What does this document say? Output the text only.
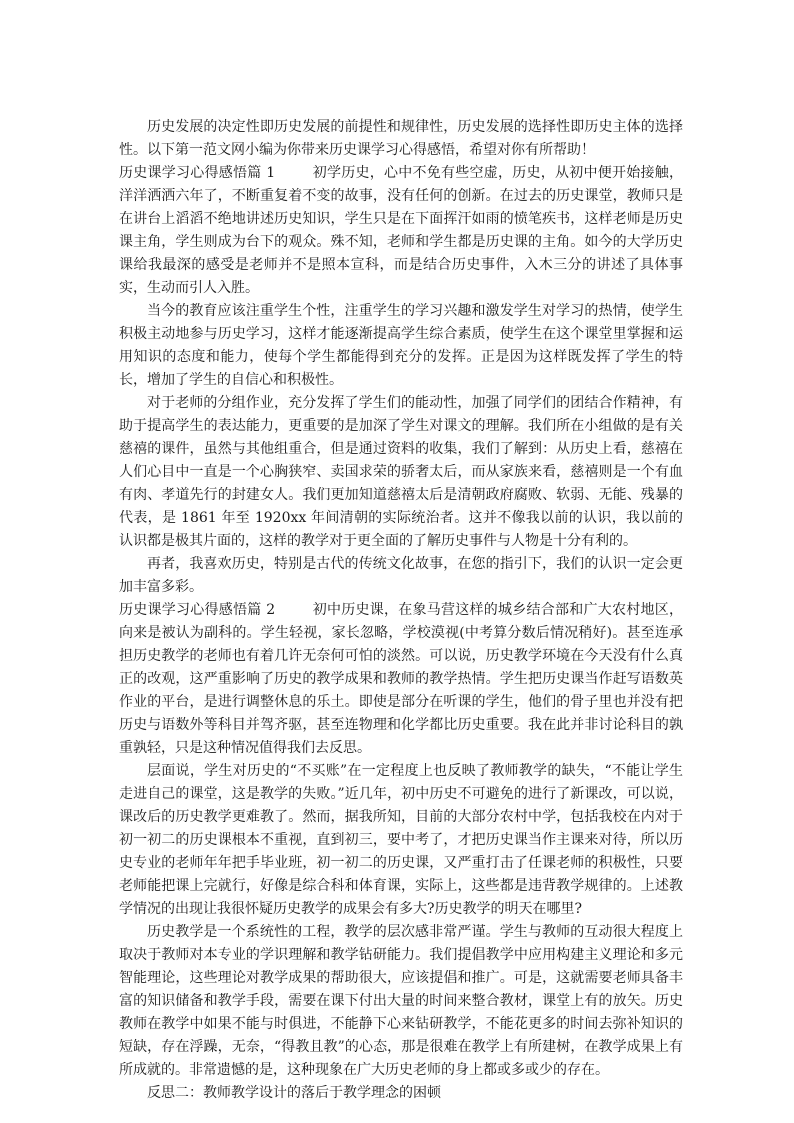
历史发展的决定性即历史发展的前提性和规律性，历史发展的选择性即历史主体的选择性。以下第一范文网小编为你带来历史课学习心得感悟，希望对你有所帮助！

历史课学习心得感悟篇 1        初学历史，心中不免有些空虚，历史，从初中便开始接触，洋洋洒洒六年了，不断重复着不变的故事，没有任何的创新。在过去的历史课堂，教师只是在讲台上滔滔不绝地讲述历史知识，学生只是在下面挥汗如雨的愤笔疾书，这样老师是历史课主角，学生则成为台下的观众。殊不知，老师和学生都是历史课的主角。如今的大学历史课给我最深的感受是老师并不是照本宣科，而是结合历史事件，入木三分的讲述了具体事实，生动而引人入胜。

当今的教育应该注重学生个性，注重学生的学习兴趣和激发学生对学习的热情，使学生积极主动地参与历史学习，这样才能逐渐提高学生综合素质，使学生在这个课堂里掌握和运用知识的态度和能力，使每个学生都能得到充分的发挥。正是因为这样既发挥了学生的特长，增加了学生的自信心和积极性。

对于老师的分组作业，充分发挥了学生们的能动性，加强了同学们的团结合作精神，有助于提高学生的表达能力，更重要的是加深了学生对课文的理解。我们所在小组做的是有关慈禧的课件，虽然与其他组重合，但是通过资料的收集，我们了解到：从历史上看，慈禧在人们心目中一直是一个心胸狭窄、卖国求荣的骄奢太后，而从家族来看，慈禧则是一个有血有肉、孝道先行的封建女人。我们更加知道慈禧太后是清朝政府腐败、软弱、无能、残暴的代表，是 1861 年至 1920xx 年间清朝的实际统治者。这并不像我以前的认识，我以前的认识都是极其片面的，这样的教学对于更全面的了解历史事件与人物是十分有利的。

再者，我喜欢历史，特别是古代的传统文化故事，在您的指引下，我们的认识一定会更加丰富多彩。

历史课学习心得感悟篇 2        初中历史课，在象马营这样的城乡结合部和广大农村地区，向来是被认为副科的。学生轻视，家长忽略，学校漠视(中考算分数后情况稍好)。甚至连承担历史教学的老师也有着几许无奈何可怕的淡然。可以说，历史教学环境在今天没有什么真正的改观，这严重影响了历史的教学成果和教师的教学热情。学生把历史课当作赶写语数英作业的平台，是进行调整休息的乐土。即使是部分在听课的学生，他们的骨子里也并没有把历史与语数外等科目并驾齐驱，甚至连物理和化学都比历史重要。我在此并非讨论科目的孰重孰轻，只是这种情况值得我们去反思。

层面说，学生对历史的“不买账”在一定程度上也反映了教师教学的缺失，“不能让学生走进自己的课堂，这是教学的失败。”近几年，初中历史不可避免的进行了新课改，可以说，课改后的历史教学更难教了。然而，据我所知，目前的大部分农村中学，包括我校在内对于初一初二的历史课根本不重视，直到初三，要中考了，才把历史课当作主课来对待，所以历史专业的老师年年把手毕业班，初一初二的历史课，又严重打击了任课老师的积极性，只要老师能把课上完就行，好像是综合科和体育课，实际上，这些都是违背教学规律的。上述教学情况的出现让我很怀疑历史教学的成果会有多大?历史教学的明天在哪里?

历史教学是一个系统性的工程，教学的层次感非常严谨。学生与教师的互动很大程度上取决于教师对本专业的学识理解和教学钻研能力。我们提倡教学中应用构建主义理论和多元智能理论，这些理论对教学成果的帮助很大，应该提倡和推广。可是，这就需要老师具备丰富的知识储备和教学手段，需要在课下付出大量的时间来整合教材，课堂上有的放矢。历史教师在教学中如果不能与时俱进，不能静下心来钻研教学，不能花更多的时间去弥补知识的短缺，存在浮躁，无奈，“得教且教”的心态，那是很难在教学上有所建树，在教学成果上有所成就的。非常遗憾的是，这种现象在广大历史老师的身上都或多或少的存在。

反思二：教师教学设计的落后于教学理念的困顿
